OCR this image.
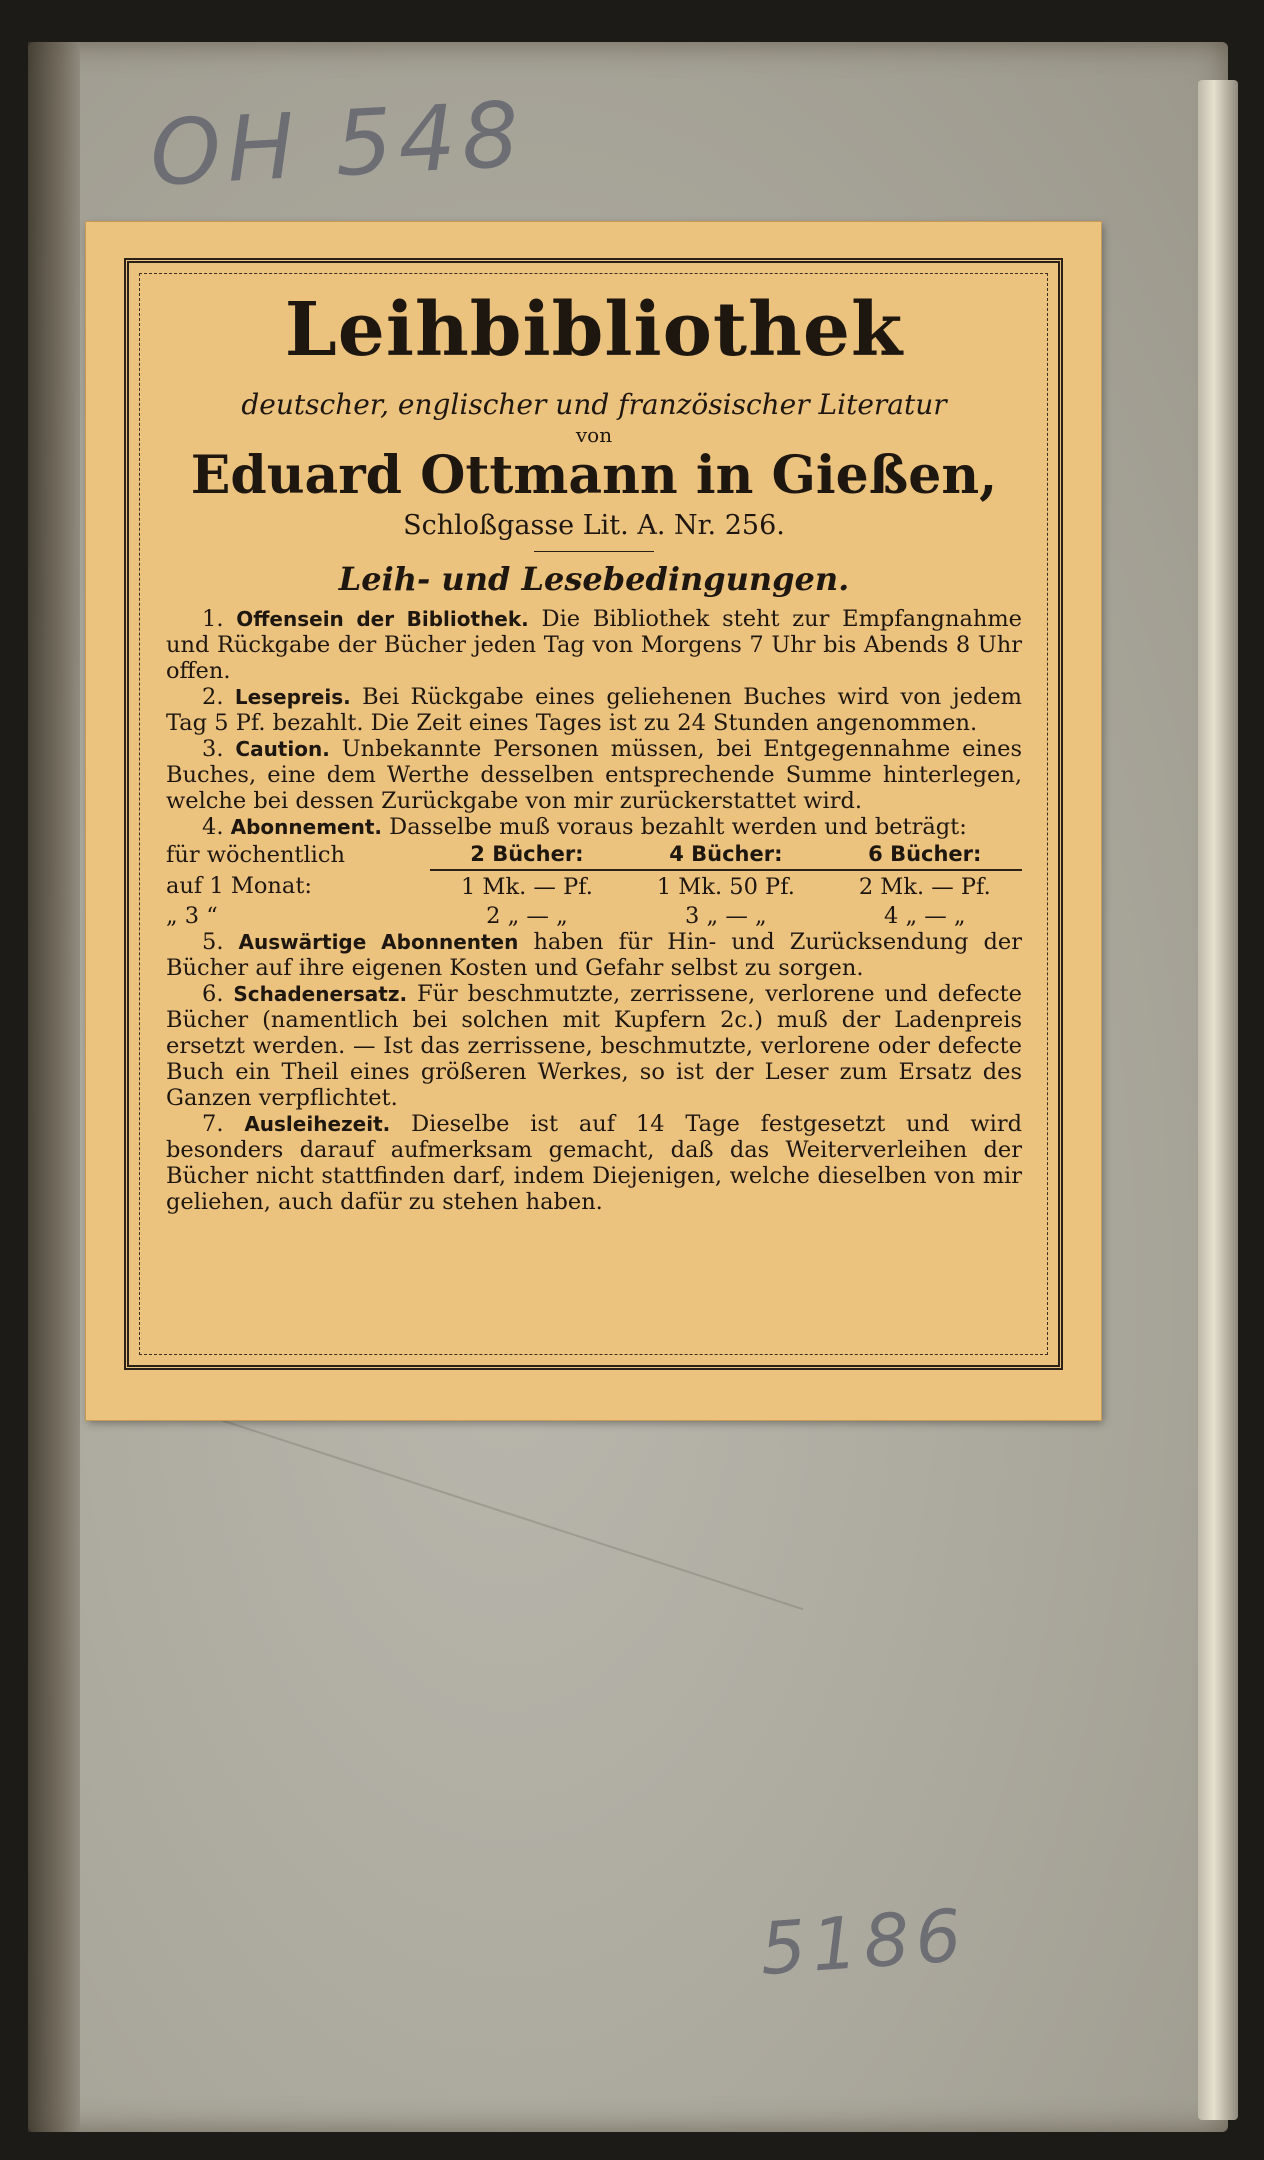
OH 548
5186
Leihbibliothek
deutscher, englischer und französischer Literatur
von
Eduard Ottmann in Gießen,
Schloßgasse Lit. A. Nr. 256.
Leih- und Lesebedingungen.

1. Offensein der Bibliothek. Die Bibliothek steht zur Empfangnahme und Rückgabe der Bücher jeden Tag von Morgens 7 Uhr bis Abends 8 Uhr offen.

2. Lesepreis. Bei Rückgabe eines geliehenen Buches wird von jedem Tag 5 Pf. bezahlt. Die Zeit eines Tages ist zu 24 Stunden angenommen.

3. Caution. Unbekannte Personen müssen, bei Entgegennahme eines Buches, eine dem Werthe desselben entsprechende Summe hinterlegen, welche bei dessen Zurückgabe von mir zurückerstattet wird.

4. Abonnement. Dasselbe muß voraus bezahlt werden und beträgt:

für wöchentlich	2 Bücher:	4 Bücher:	6 Bücher:
auf 1 Monat:	1 Mk. — Pf.	1 Mk. 50 Pf.	2 Mk. — Pf.
„ 3 “	2 „ — „	3 „ — „	4 „ — „

5. Auswärtige Abonnenten haben für Hin- und Zurücksendung der Bücher auf ihre eigenen Kosten und Gefahr selbst zu sorgen.

6. Schadenersatz. Für beschmutzte, zerrissene, verlorene und defecte Bücher (namentlich bei solchen mit Kupfern 2c.) muß der Ladenpreis ersetzt werden. — Ist das zerrissene, beschmutzte, verlorene oder defecte Buch ein Theil eines größeren Werkes, so ist der Leser zum Ersatz des Ganzen verpflichtet.

7. Ausleihezeit. Dieselbe ist auf 14 Tage festgesetzt und wird besonders darauf aufmerksam gemacht, daß das Weiterverleihen der Bücher nicht stattfinden darf, indem Diejenigen, welche dieselben von mir geliehen, auch dafür zu stehen haben.
